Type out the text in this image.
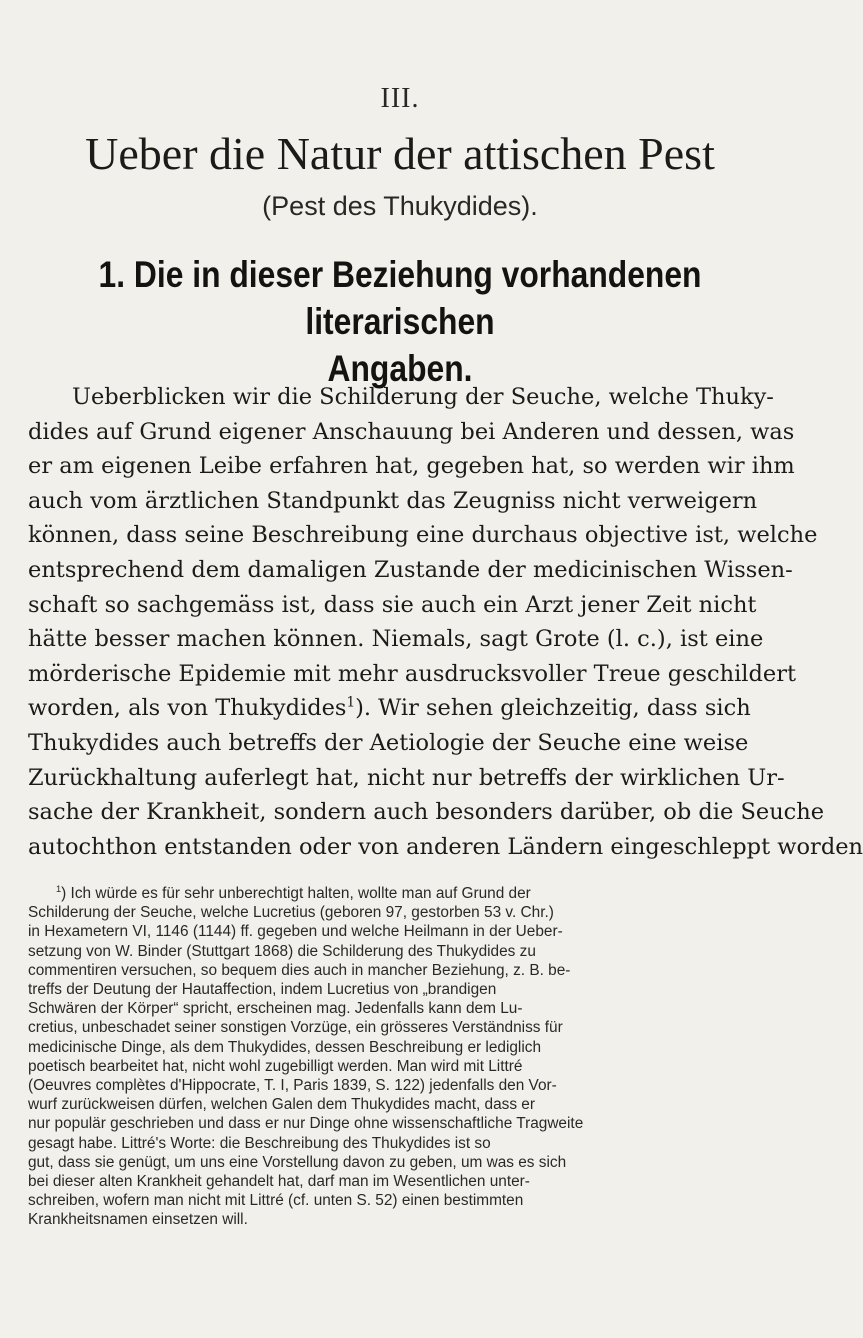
III.
Ueber die Natur der attischen Pest
(Pest des Thukydides).
1. Die in dieser Beziehung vorhandenen literarischen
Angaben.
Ueberblicken wir die Schilderung der Seuche, welche Thuky-
dides auf Grund eigener Anschauung bei Anderen und dessen, was
er am eigenen Leibe erfahren hat, gegeben hat, so werden wir ihm
auch vom ärztlichen Standpunkt das Zeugniss nicht verweigern
können, dass seine Beschreibung eine durchaus objective ist, welche
entsprechend dem damaligen Zustande der medicinischen Wissen-
schaft so sachgemäss ist, dass sie auch ein Arzt jener Zeit nicht
hätte besser machen können. Niemals, sagt Grote (l. c.), ist eine
mörderische Epidemie mit mehr ausdrucksvoller Treue geschildert
worden, als von Thukydides$^1$). Wir sehen gleichzeitig, dass sich
Thukydides auch betreffs der Aetiologie der Seuche eine weise
Zurückhaltung auferlegt hat, nicht nur betreffs der wirklichen Ur-
sache der Krankheit, sondern auch besonders darüber, ob die Seuche
autochthon entstanden oder von anderen Ländern eingeschleppt worden
$^1$) Ich würde es für sehr unberechtigt halten, wollte man auf Grund der
Schilderung der Seuche, welche Lucretius (geboren 97, gestorben 53 v. Chr.)
in Hexametern VI, 1146 (1144) ff. gegeben und welche Heilmann in der Ueber-
setzung von W. Binder (Stuttgart 1868) die Schilderung des Thukydides zu
commentiren versuchen, so bequem dies auch in mancher Beziehung, z. B. be-
treffs der Deutung der Hautaffection, indem Lucretius von „brandigen
Schwären der Körper“ spricht, erscheinen mag. Jedenfalls kann dem Lu-
cretius, unbeschadet seiner sonstigen Vorzüge, ein grösseres Verständniss für
medicinische Dinge, als dem Thukydides, dessen Beschreibung er lediglich
poetisch bearbeitet hat, nicht wohl zugebilligt werden. Man wird mit Littré
(Oeuvres complètes d'Hippocrate, T. I, Paris 1839, S. 122) jedenfalls den Vor-
wurf zurückweisen dürfen, welchen Galen dem Thukydides macht, dass er
nur populär geschrieben und dass er nur Dinge ohne wissenschaftliche Tragweite
gesagt habe. Littré's Worte: die Beschreibung des Thukydides ist so
gut, dass sie genügt, um uns eine Vorstellung davon zu geben, um was es sich
bei dieser alten Krankheit gehandelt hat, darf man im Wesentlichen unter-
schreiben, wofern man nicht mit Littré (cf. unten S. 52) einen bestimmten
Krankheitsnamen einsetzen will.
